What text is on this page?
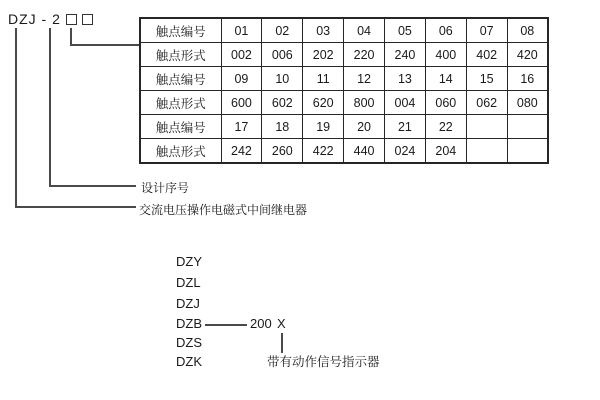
DZJ - 2
触点编号	01	02	03	04	05	06	07	08
触点形式	002	006	202	220	240	400	402	420
触点编号	09	10	11	12	13	14	15	16
触点形式	600	602	620	800	004	060	062	080
触点编号	17	18	19	20	21	22		
触点形式	242	260	422	440	024	204		
设计序号
交流电压操作电磁式中间继电器
DZY
DZL
DZJ
DZB
DZS
DZK
200 X
带有动作信号指示器
